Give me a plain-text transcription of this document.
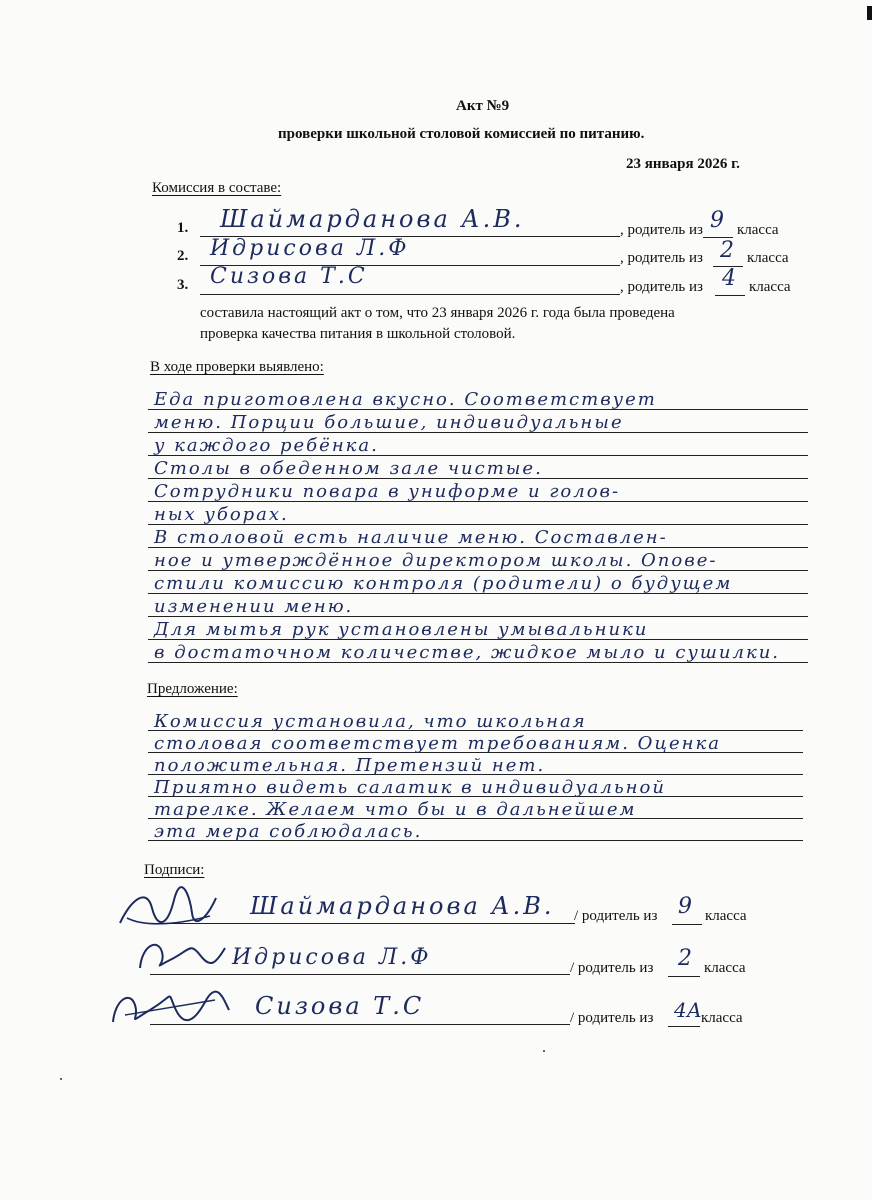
Акт №9
проверки школьной столовой комиссией по питанию.
23 января 2026 г.
Комиссия в составе:
1. Шаймарданова А.В.	, родитель из 9 класса
2. Идрисова Л.Ф	, родитель из 2 класса
3. Сизова Т.С	, родитель из 4 класса
составила настоящий акт о том, что 23 января 2026 г. года была проведена
проверка качества питания в школьной столовой.
В ходе проверки выявлено:
Еда приготовлена вкусно. Соответствует
меню. Порции большие, индивидуальные
у каждого ребёнка.
Столы в обеденном зале чистые.
Сотрудники повара в униформе и голов-
ных уборах.
В столовой есть наличие меню. Составлен-
ное и утверждённое директором школы. Опове-
стили комиссию контроля (родители) о будущем
изменении меню.
Для мытья рук установлены умывальники
в достаточном количестве, жидкое мыло и сушилки.
Предложение:
Комиссия установила, что школьная
столовая соответствует требованиям. Оценка
положительная. Претензий нет.
Приятно видеть салатик в индивидуальной
тарелке. Желаем что бы и в дальнейшем
эта мера соблюдалась.
Подписи:
Шаймарданова А.В. / родитель из 9 класса
Идрисова Л.Ф	/ родитель из 2 класса
Сизова Т.С	/ родитель из 4А класса
